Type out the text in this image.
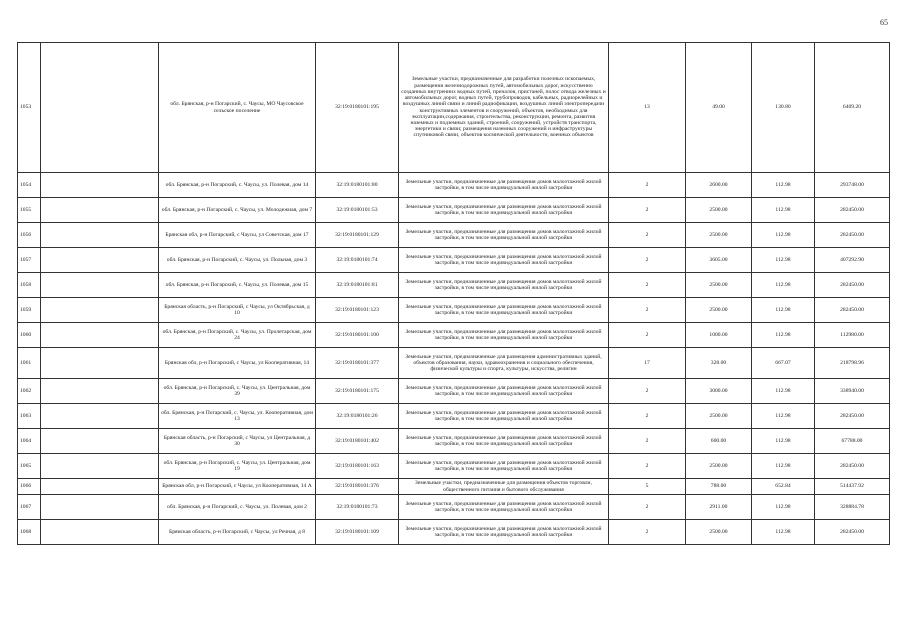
65
1053		обл. Брянская, р-н Погарский, с. Чаусы, МО Чаусовское сельское поселение	32:19:0180101:195	Земельные участки, предназначенные для разработки полезных ископаемых, размещения железнодорожных путей, автомобильных дорог, искусственно созданных внутренних водных путей, причалов, пристаней, полос отвода железных и автомобильных дорог, водных путей, трубопроводов, кабельных, радиорелейных и воздушных линий связи и линий радиофикации, воздушных линий электропередачи конструктивных элементов и сооружений, объектов, необходимых для эксплуатации,содержания, строительства, реконструкции, ремонта, развития наземных и подземных зданий, строений, сооружений, устройств транспорта, энергетики и связи; размещения наземных сооружений и инфраструктуры спутниковой связи, объектов космической деятельности, военных объектов	13	49.00	130.80	6409.20
1054		обл. Брянская, р-н Погарский, с. Чаусы, ул. Полевая, дом 14	32:19:0180101:80	Земельные участки, предназначенные для размещения домов малоэтажной жилой застройки, в том числе индивидуальной жилой застройки	2	2600.00	112.98	293748.00
1055		обл. Брянская, р-н Погарский, с. Чаусы, ул. Молодежная, дом 7	32:19:0180101:53	Земельные участки, предназначенные для размещения домов малоэтажной жилой застройки, в том числе индивидуальной жилой застройки	2	2500.00	112.98	282450.00
1056		Брянская обл, р-н Погарский, с Чаусы, ул Советская, дом 17	32:19:0180101:129	Земельные участки, предназначенные для размещения домов малоэтажной жилой застройки, в том числе индивидуальной жилой застройки	2	2500.00	112.98	282450.00
1057		обл. Брянская, р-н Погарский, с. Чаусы, ул. Польная, дом 3	32:19:0180101:74	Земельные участки, предназначенные для размещения домов малоэтажной жилой застройки, в том числе индивидуальной жилой застройки	2	3605.00	112.98	407292.90
1058		обл. Брянская, р-н Погарский, с. Чаусы, ул. Полевая, дом 15	32:19:0180101:81	Земельные участки, предназначенные для размещения домов малоэтажной жилой застройки, в том числе индивидуальной жилой застройки	2	2500.00	112.98	282450.00
1059		Брянская область, р-н Погарский, с Чаусы, ул Октябрьская, д 10	32:19:0180101:123	Земельные участки, предназначенные для размещения домов малоэтажной жилой застройки, в том числе индивидуальной жилой застройки	2	2500.00	112.98	282450.00
1060		обл. Брянская, р-н Погарский, с. Чаусы, ул. Пролетарская, дом 24	32:19:0180101:100	Земельные участки, предназначенные для размещения домов малоэтажной жилой застройки, в том числе индивидуальной жилой застройки	2	1000.00	112.98	112980.00
1061		Брянская обл, р-н Погарский, с Чаусы, ул Кооперативная, 14	32:19:0180101:377	Земельные участки, предназначенные для размещения административных зданий, объектов образования, науки, здравоохранения и социального обеспечения, физической культуры и спорта, культуры, искусства, религии	17	328.00	667.07	218798.96
1062		обл. Брянская, р-н Погарский, с. Чаусы, ул. Центральная, дом 39	32:19:0180101:175	Земельные участки, предназначенные для размещения домов малоэтажной жилой застройки, в том числе индивидуальной жилой застройки	2	3000.00	112.98	338940.00
1063		обл. Брянская, р-н Погарский, с. Чаусы, ул. Кооперативная, дом 13	32:19:0180101:26	Земельные участки, предназначенные для размещения домов малоэтажной жилой застройки, в том числе индивидуальной жилой застройки	2	2500.00	112.98	282450.00
1064		Брянская область, р-н Погарский, с Чаусы, ул Центральная, д 30	32:19:0180101:402	Земельные участки, предназначенные для размещения домов малоэтажной жилой застройки, в том числе индивидуальной жилой застройки	2	600.00	112.98	67788.00
1065		обл. Брянская, р-н Погарский, с. Чаусы, ул. Центральная, дом 19	32:19:0180101:163	Земельные участки, предназначенные для размещения домов малоэтажной жилой застройки, в том числе индивидуальной жилой застройки	2	2500.00	112.98	282450.00
1066		Брянская обл, р-н Погарский, с Чаусы, ул Кооперативная, 14 А	32:19:0180101:376	Земельные участки, предназначенные для размещения объектов торговли, общественного питания и бытового обслуживания	5	788.00	652.84	514437.92
1067		обл. Брянская, р-н Погарский, с. Чаусы, ул. Полевая, дом 2	32:19:0180101:73	Земельные участки, предназначенные для размещения домов малоэтажной жилой застройки, в том числе индивидуальной жилой застройки	2	2911.00	112.98	328884.78
1068		Брянская область, р-н Погарский, с Чаусы, ул Речная, д 8	32:19:0180101:109	Земельные участки, предназначенные для размещения домов малоэтажной жилой застройки, в том числе индивидуальной жилой застройки	2	2500.00	112.98	282450.00
